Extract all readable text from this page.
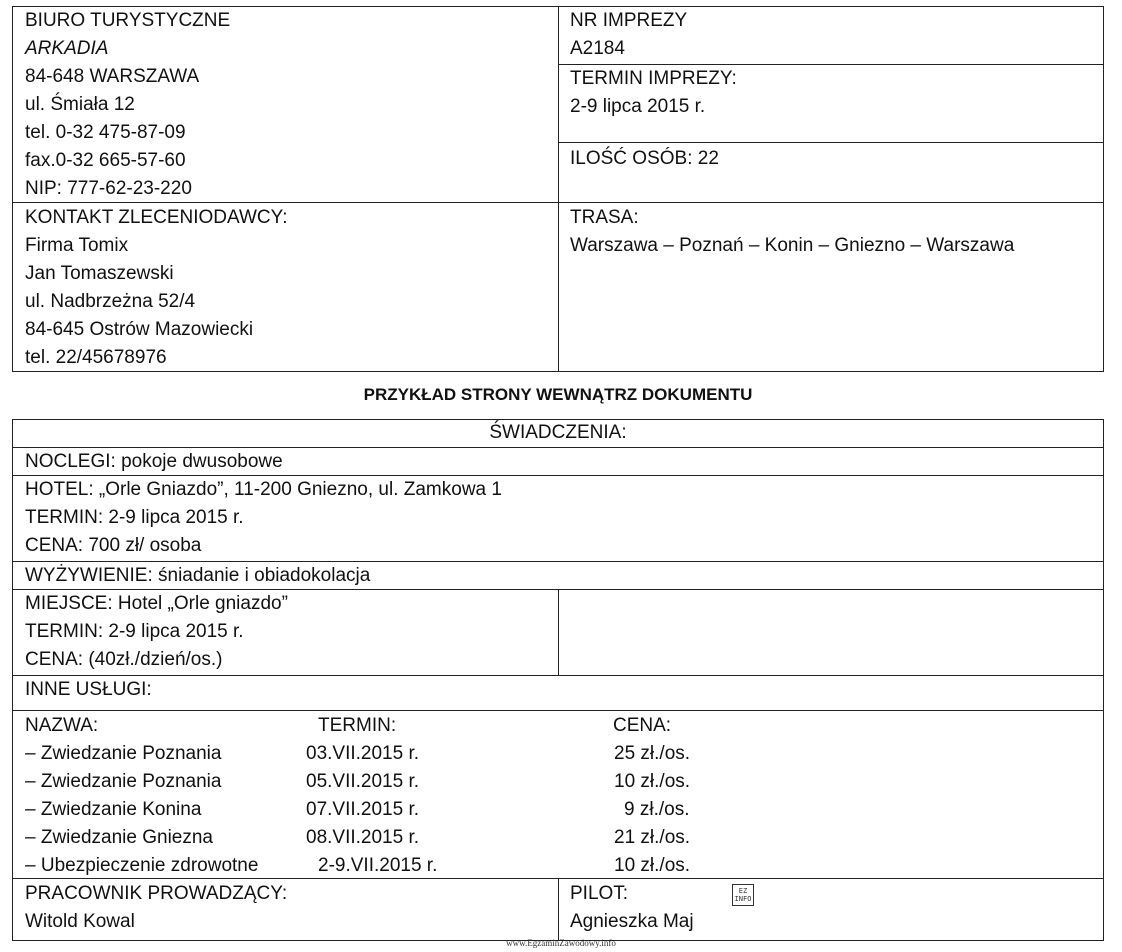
BIURO TURYSTYCZNE
ARKADIA
84-648 WARSZAWA
ul. Śmiała 12
tel. 0-32 475-87-09
fax.0-32 665-57-60
NIP: 777-62-23-220
NR IMPREZY
A2184
TERMIN IMPREZY:
2-9 lipca 2015 r.
ILOŚĆ OSÓB: 22
KONTAKT ZLECENIODAWCY:
Firma Tomix
Jan Tomaszewski
ul. Nadbrzeżna 52/4
84-645 Ostrów Mazowiecki
tel. 22/45678976
TRASA:
Warszawa – Poznań – Konin – Gniezno – Warszawa
PRZYKŁAD STRONY WEWNĄTRZ DOKUMENTU
ŚWIADCZENIA:
NOCLEGI: pokoje dwusobowe
HOTEL: „Orle Gniazdo”, 11-200 Gniezno, ul. Zamkowa 1
TERMIN: 2-9 lipca 2015 r.
CENA: 700 zł/ osoba
WYŻYWIENIE: śniadanie i obiadokolacja
MIEJSCE: Hotel „Orle gniazdo”
TERMIN: 2-9 lipca 2015 r.
CENA: (40zł./dzień/os.)
INNE USŁUGI:
NAZWA:	TERMIN:	CENA:
– Zwiedzanie Poznania	03.VII.2015 r.	25 zł./os.
– Zwiedzanie Poznania	05.VII.2015 r.	10 zł./os.
– Zwiedzanie Konina	07.VII.2015 r.	9 zł./os.
– Zwiedzanie Gniezna	08.VII.2015 r.	21 zł./os.
– Ubezpieczenie zdrowotne	2-9.VII.2015 r.	10 zł./os.
PRACOWNIK PROWADZĄCY:
Witold Kowal
PILOT:
Agnieszka Maj
EZ
INFO
www.EgzaminZawodowy.info
